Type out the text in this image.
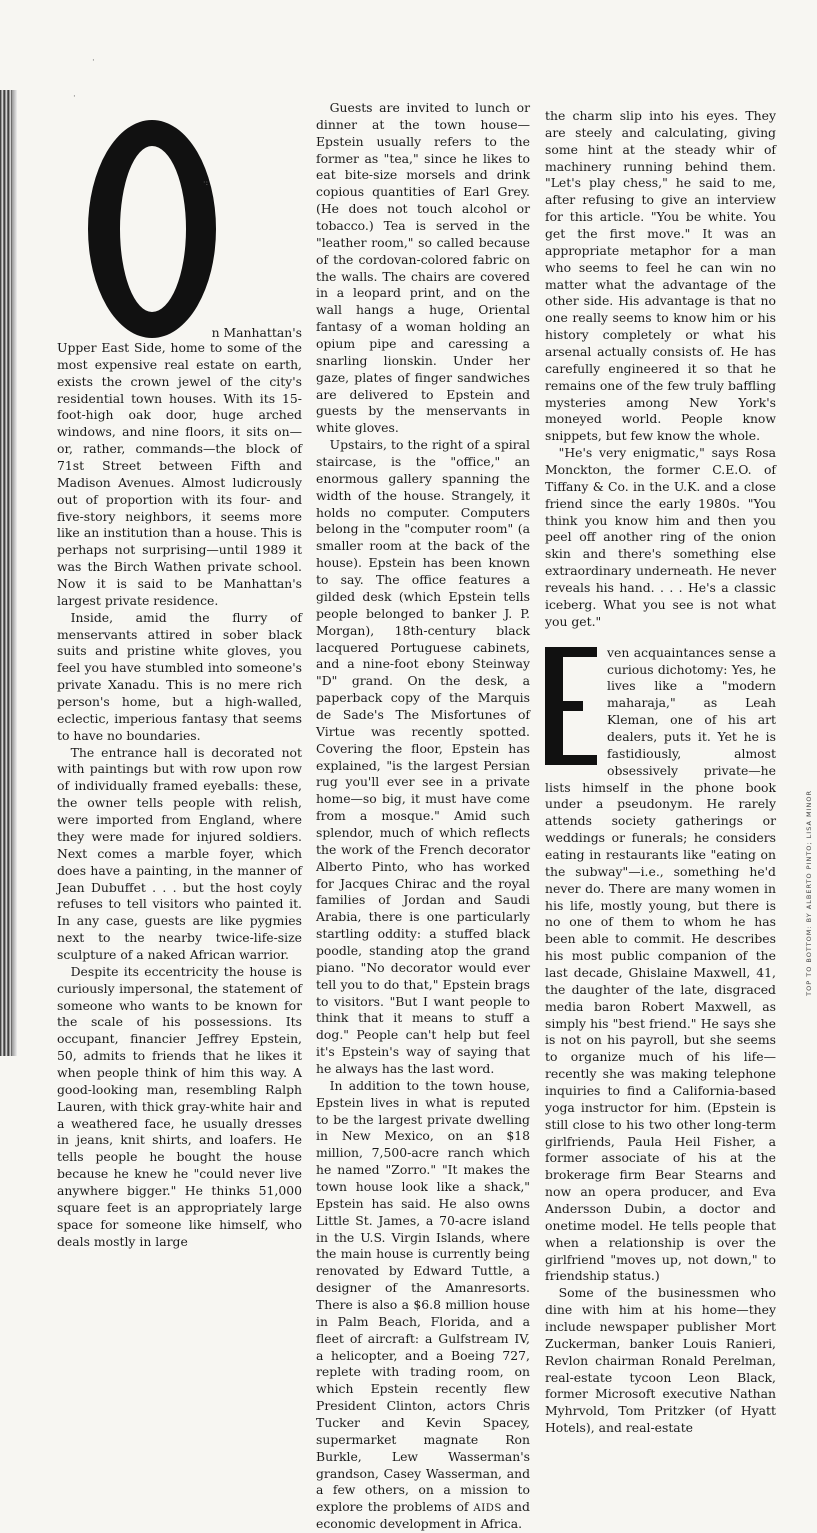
·
·
·:
n Manhattan's

Upper East Side, home to some of the most expensive real estate on earth, exists the crown jewel of the city's residential town houses. With its 15-foot-high oak door, huge arched windows, and nine floors, it sits on—or, rather, commands—the block of 71st Street between Fifth and Madison Avenues. Almost ludicrously out of proportion with its four- and five-story neighbors, it seems more like an institution than a house. This is perhaps not surprising—until 1989 it was the Birch Wathen private school. Now it is said to be Manhattan's largest private residence.

Inside, amid the flurry of menservants attired in sober black suits and pristine white gloves, you feel you have stumbled into someone's private Xanadu. This is no mere rich person's home, but a high-walled, eclectic, imperious fantasy that seems to have no boundaries.

The entrance hall is decorated not with paintings but with row upon row of individually framed eyeballs: these, the owner tells people with relish, were imported from England, where they were made for injured soldiers. Next comes a marble foyer, which does have a painting, in the manner of Jean Dubuffet . . . but the host coyly refuses to tell visitors who painted it. In any case, guests are like pygmies next to the nearby twice-life-size sculpture of a naked African warrior.

Despite its eccentricity the house is curiously impersonal, the statement of someone who wants to be known for the scale of his possessions. Its occupant, financier Jeffrey Epstein, 50, admits to friends that he likes it when people think of him this way. A good-looking man, resembling Ralph Lauren, with thick gray-white hair and a weathered face, he usually dresses in jeans, knit shirts, and loafers. He tells people he bought the house because he knew he "could never live anywhere bigger." He thinks 51,000 square feet is an appropriately large space for someone like himself, who deals mostly in large

Guests are invited to lunch or dinner at the town house—Epstein usually refers to the former as "tea," since he likes to eat bite-size morsels and drink copious quantities of Earl Grey. (He does not touch alcohol or tobacco.) Tea is served in the "leather room," so called because of the cordovan-colored fabric on the walls. The chairs are covered in a leopard print, and on the wall hangs a huge, Oriental fantasy of a woman holding an opium pipe and caressing a snarling lionskin. Under her gaze, plates of finger sandwiches are delivered to Epstein and guests by the menservants in white gloves.

Upstairs, to the right of a spiral staircase, is the "office," an enormous gallery spanning the width of the house. Strangely, it holds no computer. Computers belong in the "computer room" (a smaller room at the back of the house). Epstein has been known to say. The office features a gilded desk (which Epstein tells people belonged to banker J. P. Morgan), 18th-century black lacquered Portuguese cabinets, and a nine-foot ebony Steinway "D" grand. On the desk, a paperback copy of the Marquis de Sade's The Misfortunes of Virtue was recently spotted. Covering the floor, Epstein has explained, "is the largest Persian rug you'll ever see in a private home—so big, it must have come from a mosque." Amid such splendor, much of which reflects the work of the French decorator Alberto Pinto, who has worked for Jacques Chirac and the royal families of Jordan and Saudi Arabia, there is one particularly startling oddity: a stuffed black poodle, standing atop the grand piano. "No decorator would ever tell you to do that," Epstein brags to visitors. "But I want people to think that it means to stuff a dog." People can't help but feel it's Epstein's way of saying that he always has the last word.

In addition to the town house, Epstein lives in what is reputed to be the largest private dwelling in New Mexico, on an $18 million, 7,500-acre ranch which he named "Zorro." "It makes the town house look like a shack," Epstein has said. He also owns Little St. James, a 70-acre island in the U.S. Virgin Islands, where the main house is currently being renovated by Edward Tuttle, a designer of the Amanresorts. There is also a $6.8 million house in Palm Beach, Florida, and a fleet of aircraft: a Gulfstream IV, a helicopter, and a Boeing 727, replete with trading room, on which Epstein recently flew President Clinton, actors Chris Tucker and Kevin Spacey, supermarket magnate Ron Burkle, Lew Wasserman's grandson, Casey Wasserman, and a few others, on a mission to explore the problems of AIDS and economic development in Africa.

the charm slip into his eyes. They are steely and calculating, giving some hint at the steady whir of machinery running behind them. "Let's play chess," he said to me, after refusing to give an interview for this article. "You be white. You get the first move." It was an appropriate metaphor for a man who seems to feel he can win no matter what the advantage of the other side. His advantage is that no one really seems to know him or his history completely or what his arsenal actually consists of. He has carefully engineered it so that he remains one of the few truly baffling mysteries among New York's moneyed world. People know snippets, but few know the whole.

"He's very enigmatic," says Rosa Monckton, the former C.E.O. of Tiffany & Co. in the U.K. and a close friend since the early 1980s. "You think you know him and then you peel off another ring of the onion skin and there's something else extraordinary underneath. He never reveals his hand. . . . He's a classic iceberg. What you see is not what you get."

ven acquaintances sense a curious dichotomy: Yes, he lives like a "modern maharaja," as Leah Kleman, one of his art dealers, puts it. Yet he is fastidiously, almost obsessively private—he lists himself in the phone book under a pseudonym. He rarely attends society gatherings or weddings or funerals; he considers eating in restaurants like "eating on the subway"—i.e., something he'd never do. There are many women in his life, mostly young, but there is no one of them to whom he has been able to commit. He describes his most public companion of the last decade, Ghislaine Maxwell, 41, the daughter of the late, disgraced media baron Robert Maxwell, as simply his "best friend." He says she is not on his payroll, but she seems to organize much of his life—recently she was making telephone inquiries to find a California-based yoga instructor for him. (Epstein is still close to his two other long-term girlfriends, Paula Heil Fisher, a former associate of his at the brokerage firm Bear Stearns and now an opera producer, and Eva Andersson Dubin, a doctor and onetime model. He tells people that when a relationship is over the girlfriend "moves up, not down," to friendship status.)

Some of the businessmen who dine with him at his home—they include newspaper publisher Mort Zuckerman, banker Louis Ranieri, Revlon chairman Ronald Perelman, real-estate tycoon Leon Black, former Microsoft executive Nathan Myhrvold, Tom Pritzker (of Hyatt Hotels), and real-estate

TOP TO BOTTOM: BY ALBERTO PINTO; LISA MINOR
